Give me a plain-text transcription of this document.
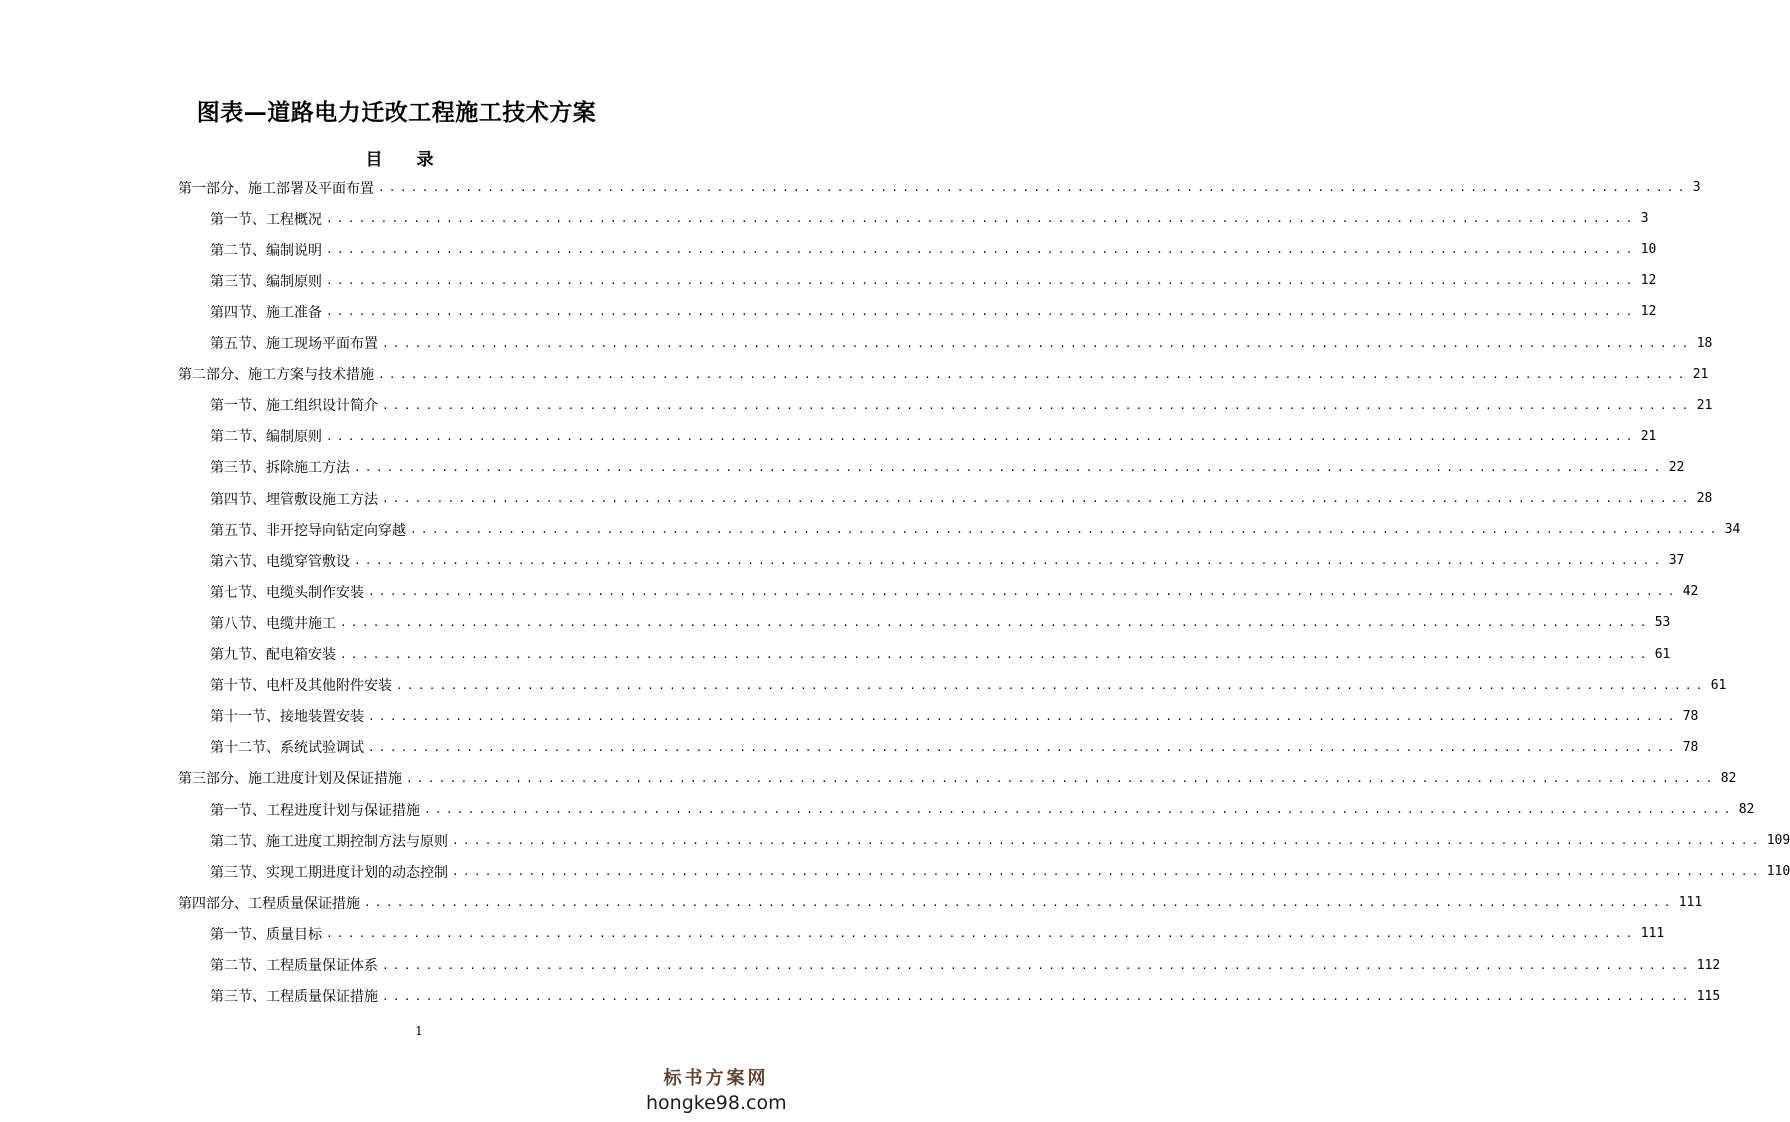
图表—道路电力迁改工程施工技术方案
目 录
第一部分、施工部署及平面布置 ........................................................................................................................ 3
第一节、工程概况 ........................................................................................................................ 3
第二节、编制说明 ........................................................................................................................ 10
第三节、编制原则 ........................................................................................................................ 12
第四节、施工准备 ........................................................................................................................ 12
第五节、施工现场平面布置 ........................................................................................................................ 18
第二部分、施工方案与技术措施 ........................................................................................................................ 21
第一节、施工组织设计简介 ........................................................................................................................ 21
第二节、编制原则 ........................................................................................................................ 21
第三节、拆除施工方法 ........................................................................................................................ 22
第四节、埋管敷设施工方法 ........................................................................................................................ 28
第五节、非开挖导向钻定向穿越 ........................................................................................................................ 34
第六节、电缆穿管敷设 ........................................................................................................................ 37
第七节、电缆头制作安装 ........................................................................................................................ 42
第八节、电缆井施工 ........................................................................................................................ 53
第九节、配电箱安装 ........................................................................................................................ 61
第十节、电杆及其他附件安装 ........................................................................................................................ 61
第十一节、接地装置安装 ........................................................................................................................ 78
第十二节、系统试验调试 ........................................................................................................................ 78
第三部分、施工进度计划及保证措施 ........................................................................................................................ 82
第一节、工程进度计划与保证措施 ........................................................................................................................ 82
第二节、施工进度工期控制方法与原则 ........................................................................................................................ 109
第三节、实现工期进度计划的动态控制 ........................................................................................................................ 110
第四部分、工程质量保证措施 ........................................................................................................................ 111
第一节、质量目标 ........................................................................................................................ 111
第二节、工程质量保证体系 ........................................................................................................................ 112
第三节、工程质量保证措施 ........................................................................................................................ 115
1
标书方案网
hongke98.com
